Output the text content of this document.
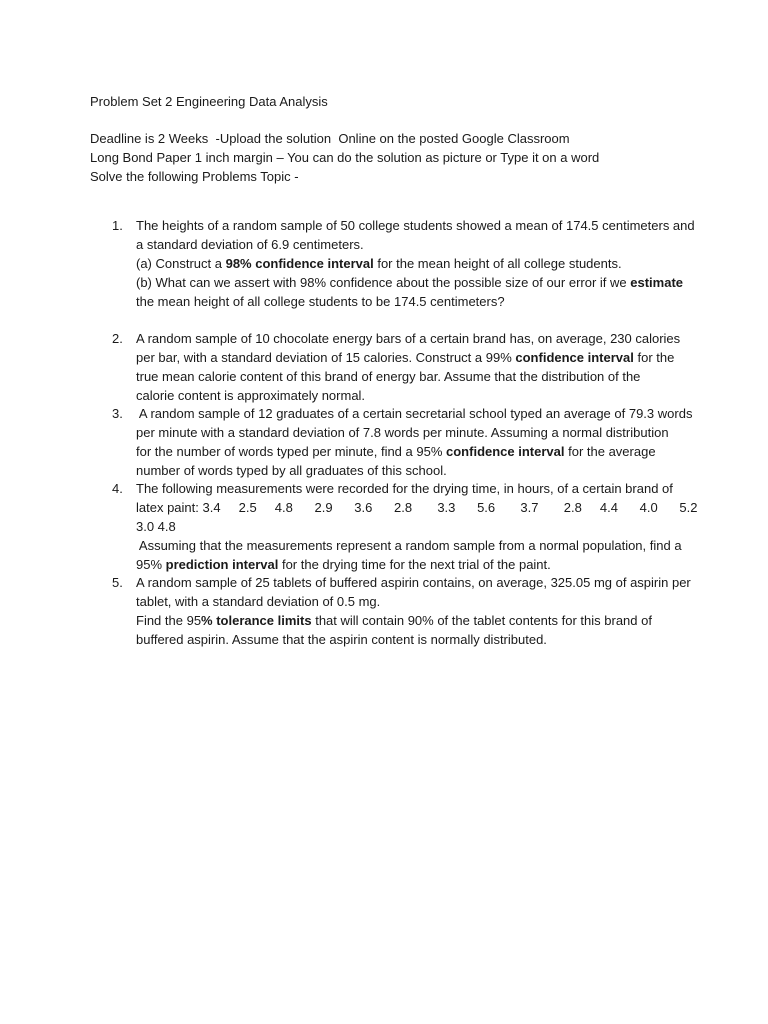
Problem Set 2 Engineering Data Analysis
Deadline is 2 Weeks  -Upload the solution  Online on the posted Google Classroom
Long Bond Paper 1 inch margin – You can do the solution as picture or Type it on a word
Solve the following Problems Topic -
1. The heights of a random sample of 50 college students showed a mean of 174.5 centimeters and
a standard deviation of 6.9 centimeters.
(a) Construct a 98% confidence interval for the mean height of all college students.
(b) What can we assert with 98% confidence about the possible size of our error if we estimate
the mean height of all college students to be 174.5 centimeters?
2. A random sample of 10 chocolate energy bars of a certain brand has, on average, 230 calories
per bar, with a standard deviation of 15 calories. Construct a 99% confidence interval for the
true mean calorie content of this brand of energy bar. Assume that the distribution of the
calorie content is approximately normal.
3. A random sample of 12 graduates of a certain secretarial school typed an average of 79.3 words
per minute with a standard deviation of 7.8 words per minute. Assuming a normal distribution
for the number of words typed per minute, find a 95% confidence interval for the average
number of words typed by all graduates of this school.
4. The following measurements were recorded for the drying time, in hours, of a certain brand of
latex paint: 3.4     2.5     4.8      2.9      3.6      2.8       3.3      5.6       3.7       2.8     4.4      4.0      5.2
3.0 4.8
Assuming that the measurements represent a random sample from a normal population, find a
95% prediction interval for the drying time for the next trial of the paint.
5. A random sample of 25 tablets of buffered aspirin contains, on average, 325.05 mg of aspirin per
tablet, with a standard deviation of 0.5 mg.
Find the 95% tolerance limits that will contain 90% of the tablet contents for this brand of
buffered aspirin. Assume that the aspirin content is normally distributed.
